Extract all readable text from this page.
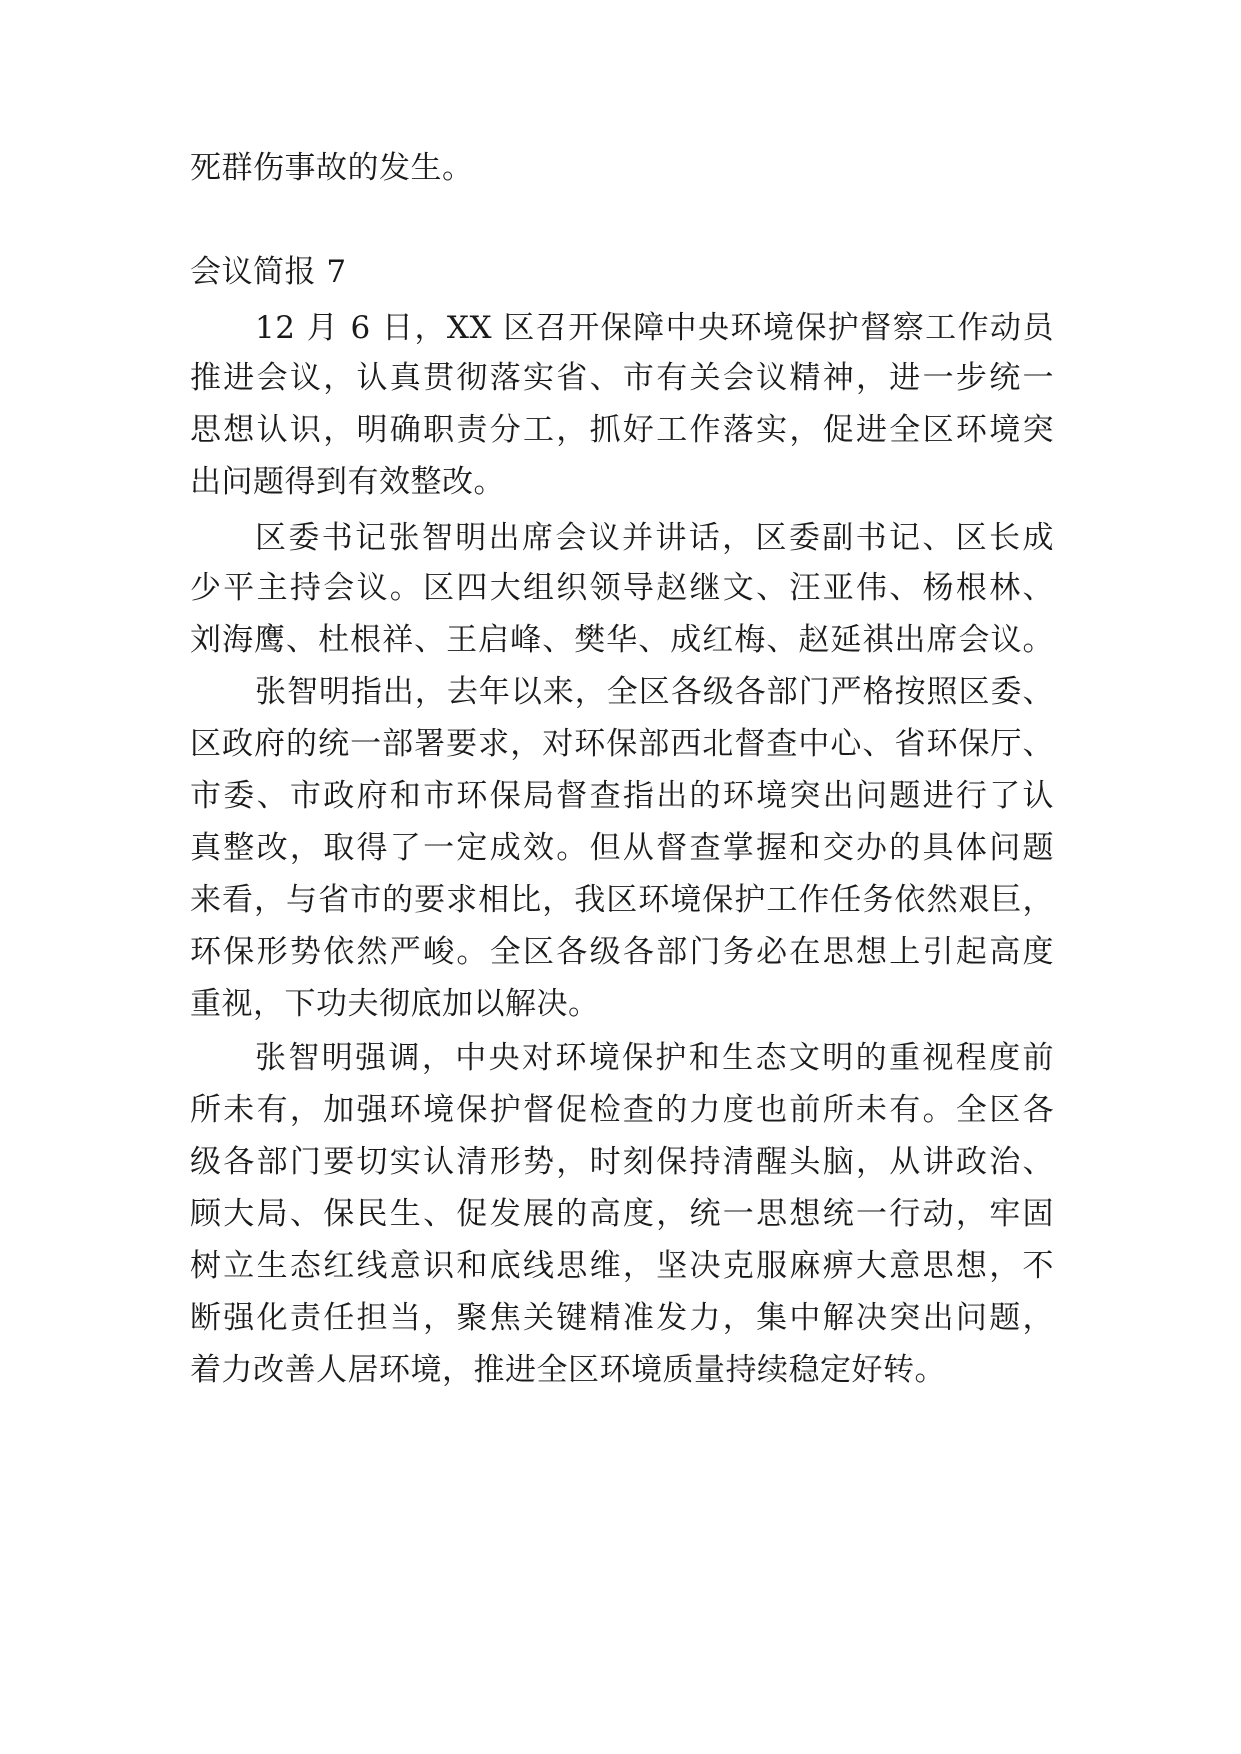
死群伤事故的发生。
会议简报 7
12 月 6 日，XX 区召开保障中央环境保护督察工作动员
推进会议，认真贯彻落实省、市有关会议精神，进一步统一
思想认识，明确职责分工，抓好工作落实，促进全区环境突
出问题得到有效整改。
区委书记张智明出席会议并讲话，区委副书记、区长成
少平主持会议。区四大组织领导赵继文、汪亚伟、杨根林、
刘海鹰、杜根祥、王启峰、樊华、成红梅、赵延祺出席会议。
张智明指出，去年以来，全区各级各部门严格按照区委、
区政府的统一部署要求，对环保部西北督查中心、省环保厅、
市委、市政府和市环保局督查指出的环境突出问题进行了认
真整改，取得了一定成效。但从督查掌握和交办的具体问题
来看，与省市的要求相比，我区环境保护工作任务依然艰巨，
环保形势依然严峻。全区各级各部门务必在思想上引起高度
重视，下功夫彻底加以解决。
张智明强调，中央对环境保护和生态文明的重视程度前
所未有，加强环境保护督促检查的力度也前所未有。全区各
级各部门要切实认清形势，时刻保持清醒头脑，从讲政治、
顾大局、保民生、促发展的高度，统一思想统一行动，牢固
树立生态红线意识和底线思维，坚决克服麻痹大意思想，不
断强化责任担当，聚焦关键精准发力，集中解决突出问题，
着力改善人居环境，推进全区环境质量持续稳定好转。
